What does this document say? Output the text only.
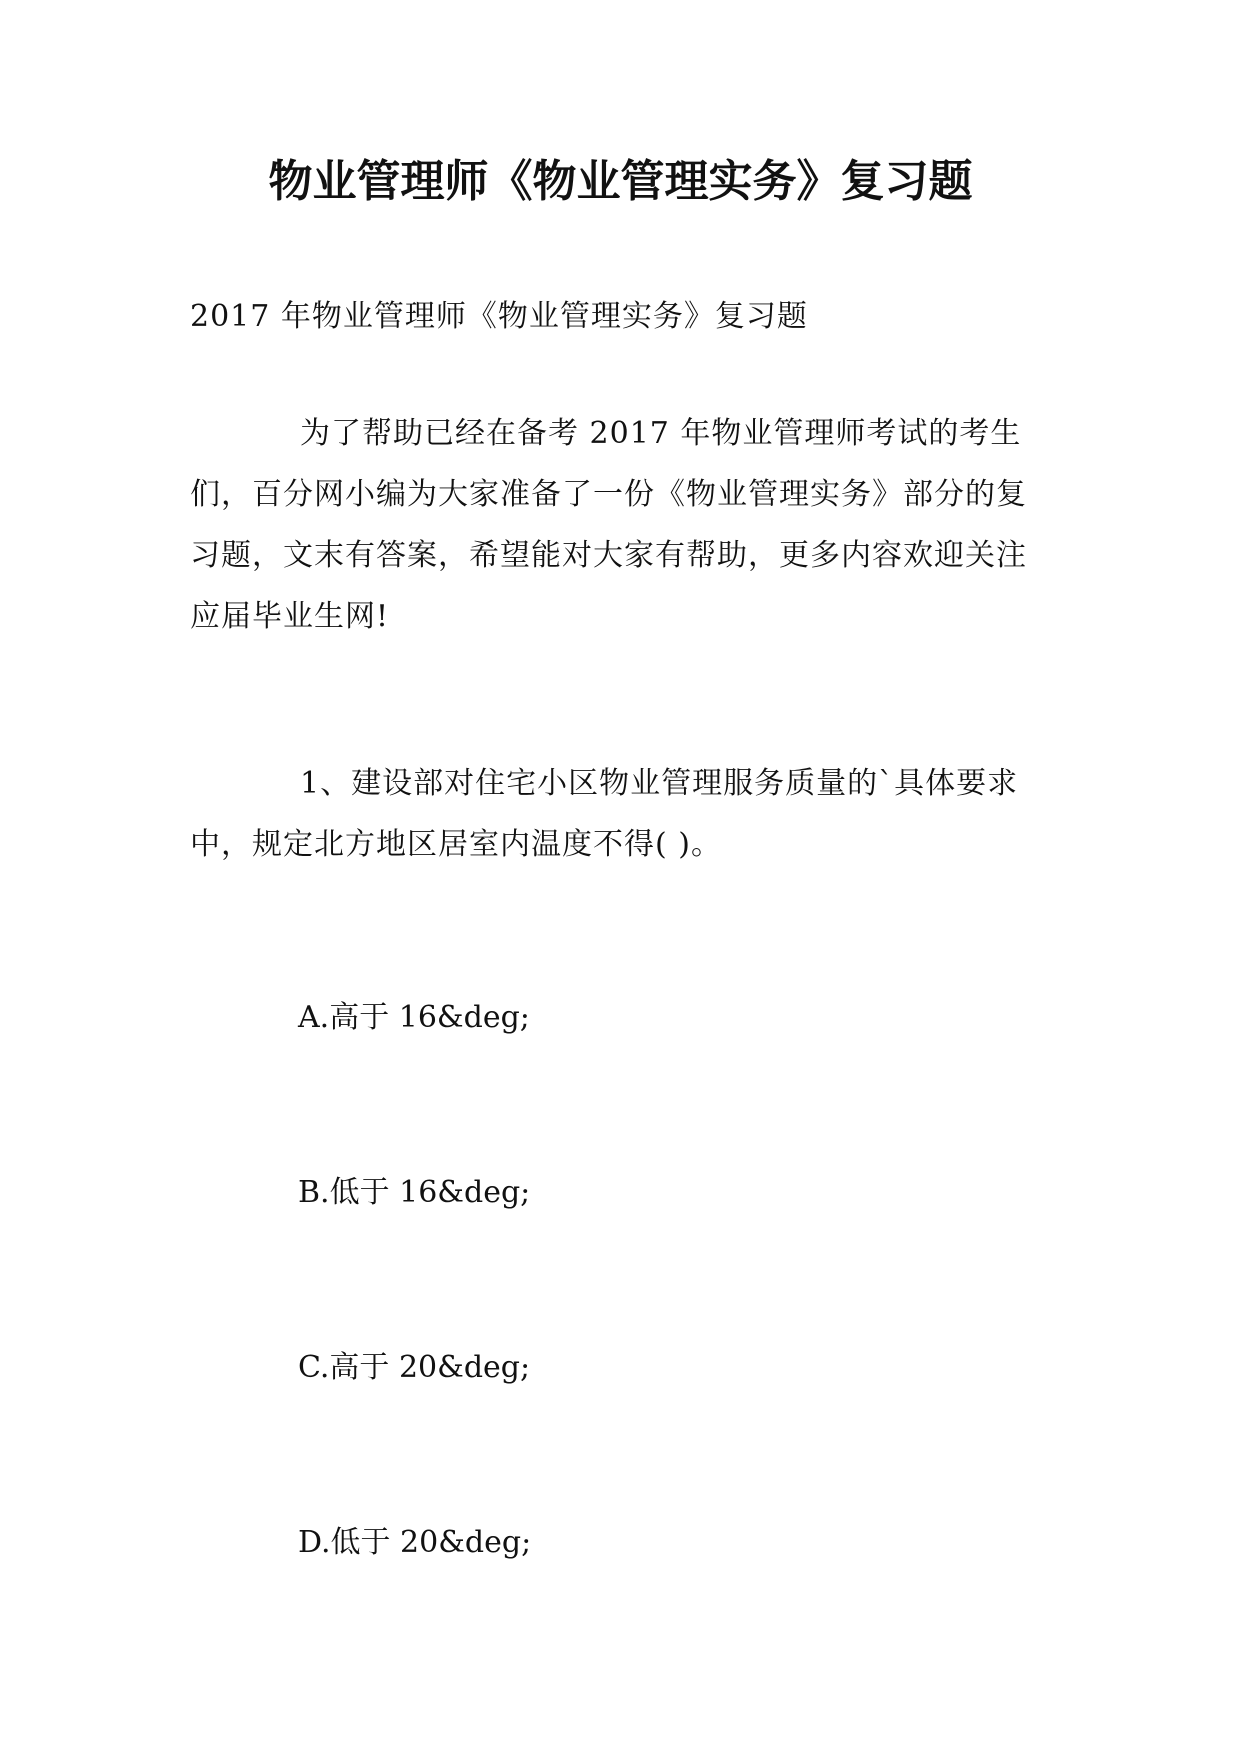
物业管理师《物业管理实务》复习题

2017 年物业管理师《物业管理实务》复习题

为了帮助已经在备考 2017 年物业管理师考试的考生们，百分网小编为大家准备了一份《物业管理实务》部分的复习题，文末有答案，希望能对大家有帮助，更多内容欢迎关注应届毕业生网!

1、建设部对住宅小区物业管理服务质量的`具体要求中，规定北方地区居室内温度不得( )。

A.高于 16&deg;

B.低于 16&deg;

C.高于 20&deg;

D.低于 20&deg;
